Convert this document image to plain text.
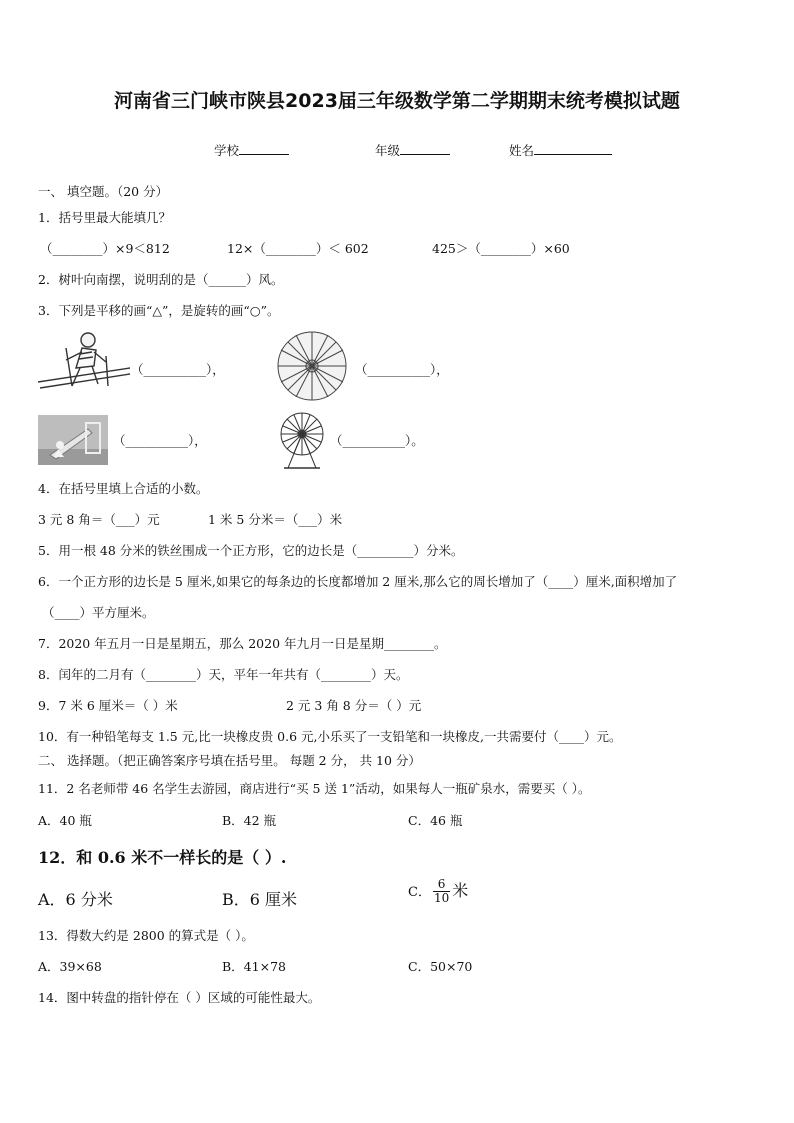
河南省三门峡市陕县2023届三年级数学第二学期期末统考模拟试题
学校	年级	姓名
一、 填空题。（20 分）
1．括号里最大能填几？
（________）×9＜812	12×（________）＜ 602	425＞（________）×60
2．树叶向南摆，说明刮的是（______）风。
3．下列是平移的画“△”，是旋转的画“○”。
（__________），	（__________），
（__________），	（__________）。
4．在括号里填上合适的小数。
3 元 8 角＝（___）元	1 米 5 分米＝（___）米
5．用一根 48 分米的铁丝围成一个正方形，它的边长是（_________）分米。
6．一个正方形的边长是 5 厘米,如果它的每条边的长度都增加 2 厘米,那么它的周长增加了（____）厘米,面积增加了
（____）平方厘米。
7．2020 年五月一日是星期五，那么 2020 年九月一日是星期________。
8．闰年的二月有（________）天，平年一年共有（________）天。
9．7 米 6 厘米＝（ ）米	2 元 3 角 8 分＝（ ）元
10．有一种铅笔每支 1.5 元,比一块橡皮贵 0.6 元,小乐买了一支铅笔和一块橡皮,一共需要付（____）元。
二、 选择题。（把正确答案序号填在括号里。 每题 2 分， 共 10 分）
11．2 名老师带 46 名学生去游园，商店进行“买 5 送 1”活动，如果每人一瓶矿泉水，需要买（ ）。
A．40 瓶	B．42 瓶	C．46 瓶
12．和 0.6 米不一样长的是（ ）.
A．6 分米	B．6 厘米	C． $\frac{6}{10}$ 米
13．得数大约是 2800 的算式是（ ）。
A．39×68	B．41×78	C．50×70
14．图中转盘的指针停在（ ）区域的可能性最大。
